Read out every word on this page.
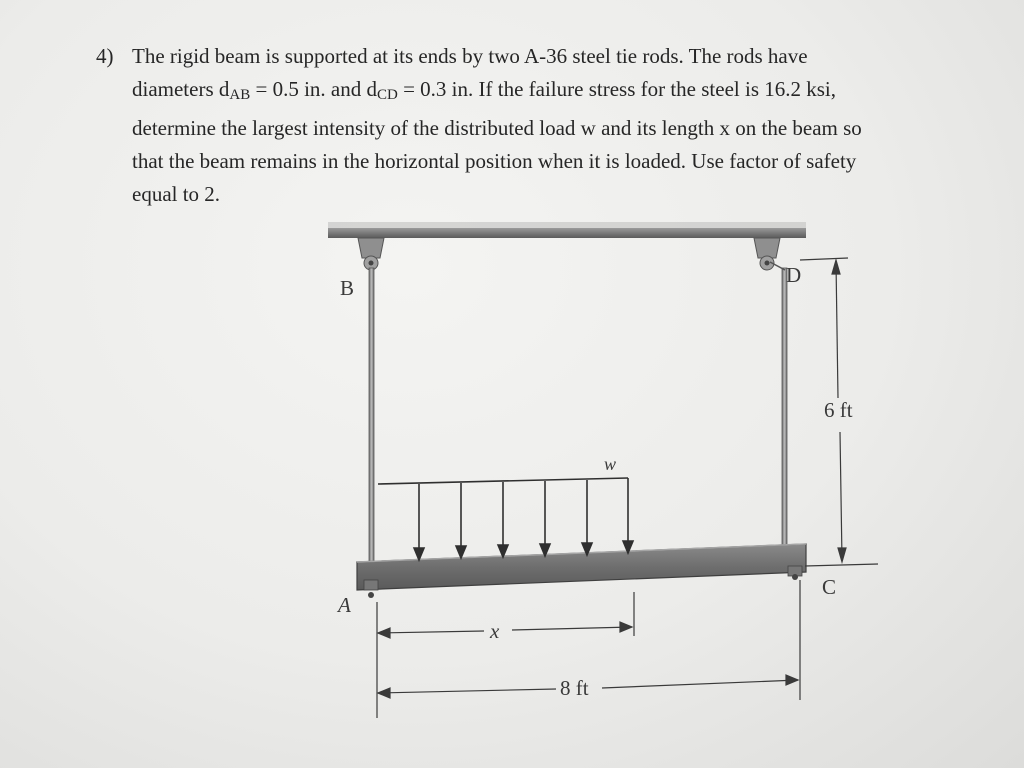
4) The rigid beam is supported at its ends by two A-36 steel tie rods. The rods have

diameters $d_{AB} = 0.5$ in. and $d_{CD} = 0.3$ in. If the failure stress for the steel is 16.2 ksi,

determine the largest intensity of the distributed load w and its length x on the beam so

that the beam remains in the horizontal position when it is loaded. Use factor of safety

equal to 2.

B
D
A
C
w
x
6 ft
8 ft
